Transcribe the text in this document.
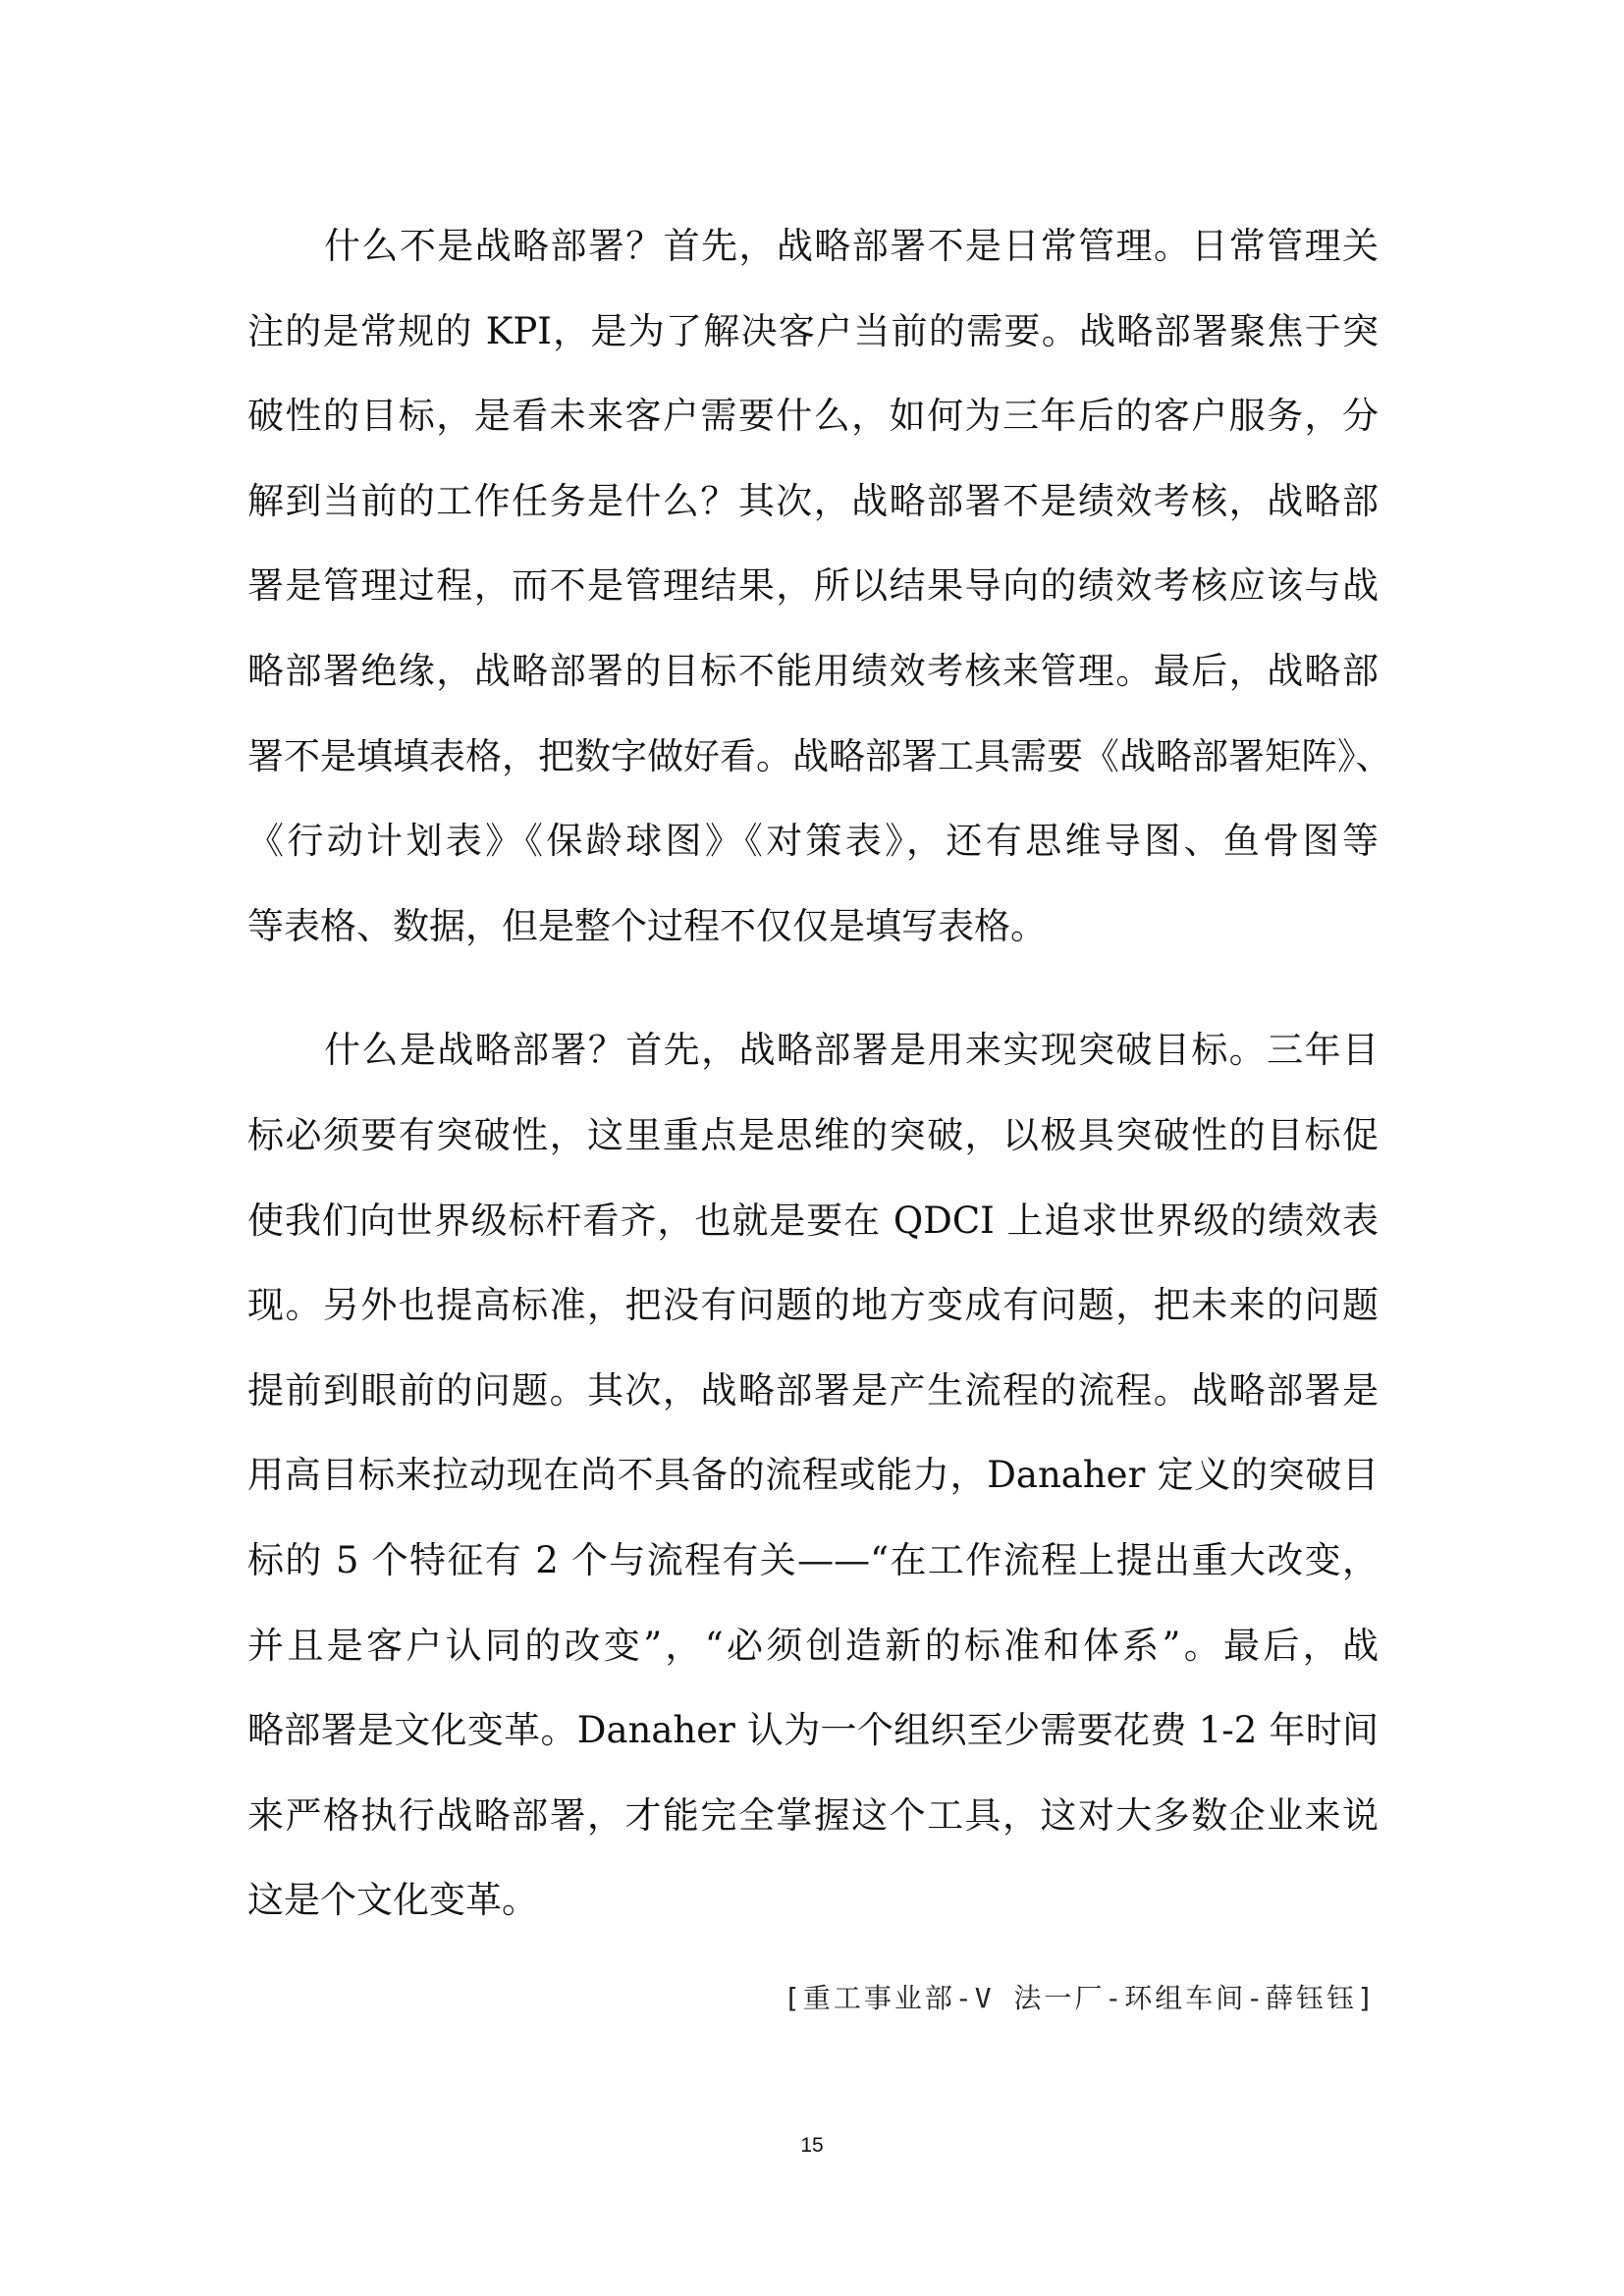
什么不是战略部署？首先，战略部署不是日常管理。日常管理关
注的是常规的 KPI，是为了解决客户当前的需要。战略部署聚焦于突
破性的目标，是看未来客户需要什么，如何为三年后的客户服务，分
解到当前的工作任务是什么？其次，战略部署不是绩效考核，战略部
署是管理过程，而不是管理结果，所以结果导向的绩效考核应该与战
略部署绝缘，战略部署的目标不能用绩效考核来管理。最后，战略部
署不是填填表格，把数字做好看。战略部署工具需要《战略部署矩阵》、
《行动计划表》《保龄球图》《对策表》，还有思维导图、鱼骨图等
等表格、数据，但是整个过程不仅仅是填写表格。
什么是战略部署？首先，战略部署是用来实现突破目标。三年目
标必须要有突破性，这里重点是思维的突破，以极具突破性的目标促
使我们向世界级标杆看齐，也就是要在 QDCI 上追求世界级的绩效表
现。另外也提高标准，把没有问题的地方变成有问题，把未来的问题
提前到眼前的问题。其次，战略部署是产生流程的流程。战略部署是
用高目标来拉动现在尚不具备的流程或能力，Danaher 定义的突破目
标的 5 个特征有 2 个与流程有关——“在工作流程上提出重大改变，
并且是客户认同的改变”，“必须创造新的标准和体系”。最后，战
略部署是文化变革。Danaher 认为一个组织至少需要花费 1-2 年时间
来严格执行战略部署，才能完全掌握这个工具，这对大多数企业来说
这是个文化变革。
[重工事业部-V 法一厂-环组车间-薛钰钰]
15
